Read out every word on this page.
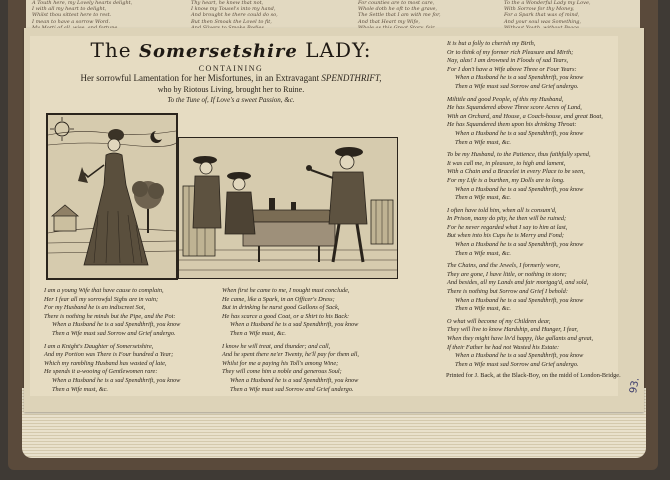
A Touth here, my Lovely hearts delight,
I with all my heart to delight,
Whilst thou sittest here to rest.
I mean to have a sorrow Word.
Thy heart, he knew that not,
I know my Tousel's into my hand,
And brought he there could do so,
But then Smoak the Lovel to fit,
For counties are to most care,
Whole doth he oft to the grave,
The Settle that I am with me for,
And that Heart my Wife,
To the a Wonderful Lady my Love,
With Sorrow for thy Money,
For a Spark that was of mind,
And your soul was Something,
The Somersetshire LADY:
CONTAINING
Her sorrowful Lamentation for her Misfortunes, in an Extravagant SPENDTHRIFT,
who by Riotous Living, brought her to Ruine.
To the Tune of, If Love's a sweet Passion, &c.

I am a young Wife that have cause to complain,
Her I fear all my sorrowful Sighs are in vain;
For my Husband he is an indiscreet Sot,
There is nothing he minds but the Pipe, and the Pot:
When a Husband he is a sad Spendthrift, you know
Then a Wife must sad Sorrow and Grief undergo.

I am a Knight's Daughter of Somersetshire,
And my Portion was There is Four hundred a Year;
Which my rambling Husband has wasted of late,
He spends it a-wooing of Gentlewomen rare:
When a Husband he is a sad Spendthrift, you know
Then a Wife must, &c.

When first he came to me, I nought must conclude,
He came, like a Spark, in an Officer's Dress;
But in drinking he nurst good Gallons of Sack,
He has scarce a good Coat, or a Shirt to his Back:
When a Husband he is a sad Spendthrift, you know
Then a Wife must, &c.

I know he will treat, and thunder; and call,
And he spent there ne'er Twenty, he'll pay for them all,
Whilst for me a paying his Toll's among Wine;
They will come him a noble and generous Soul;
When a Husband he is a sad Spendthrift, you know
Then a Wife must sad Sorrow and Grief undergo.

It is but a folly to cherish my Birth,
Or to think of my former rich Pleasure and Mirth;
Nay, alas! I am drowned in Floods of sad Tears,
For I don't have a Wife above Three or Four Years:
When a Husband he is a sad Spendthrift, you know
Then a Wife must sad Sorrow and Grief undergo.

Miltitle and good People, of this my Husband,
He has Squandered above Three score Acres of Land,
With an Orchard, and House, a Coach-house, and great Boat,
He has Squandered them upon his drinking Throat:
When a Husband he is a sad Spendthrift, you know
Then a Wife must, &c.

To be my Husband, to the Patience, thus faithfully spend,
It was call me, in pleasure, to high and lament,
With a Chain and a Bracelet in every Place to be seen,
For my Life is a burthen, my Dolls are to long.
When a Husband he is a sad Spendthrift, you know
Then a Wife must, &c.

I often have told him, when all is consum'd,
In Prison, many do pity, he then will be ruined;
For he never regarded what I say to him at last,
But when into his Cups he is Merry and Fond;
When a Husband he is a sad Spendthrift, you know
Then a Wife must, &c.

The Chains, and the Jewels, I formerly wore,
They are gone, I have little, or nothing in store;
And besides, all my Lands and fair mortgag'd, and sold,
There is nothing but Sorrow and Grief I behold:
When a Husband he is a sad Spendthrift, you know
Then a Wife must, &c.

O what will become of my Children dear,
They will live to know Hardship, and Hunger, I fear,
When they might have liv'd happy, like gallants and great,
If their Father he had not Wasted his Estate:
When a Husband he is a sad Spendthrift, you know
Then a Wife must sad Sorrow and Grief undergo.

Printed for J. Back, at the Black-Boy, on the midd of London-Bridge.
93.
